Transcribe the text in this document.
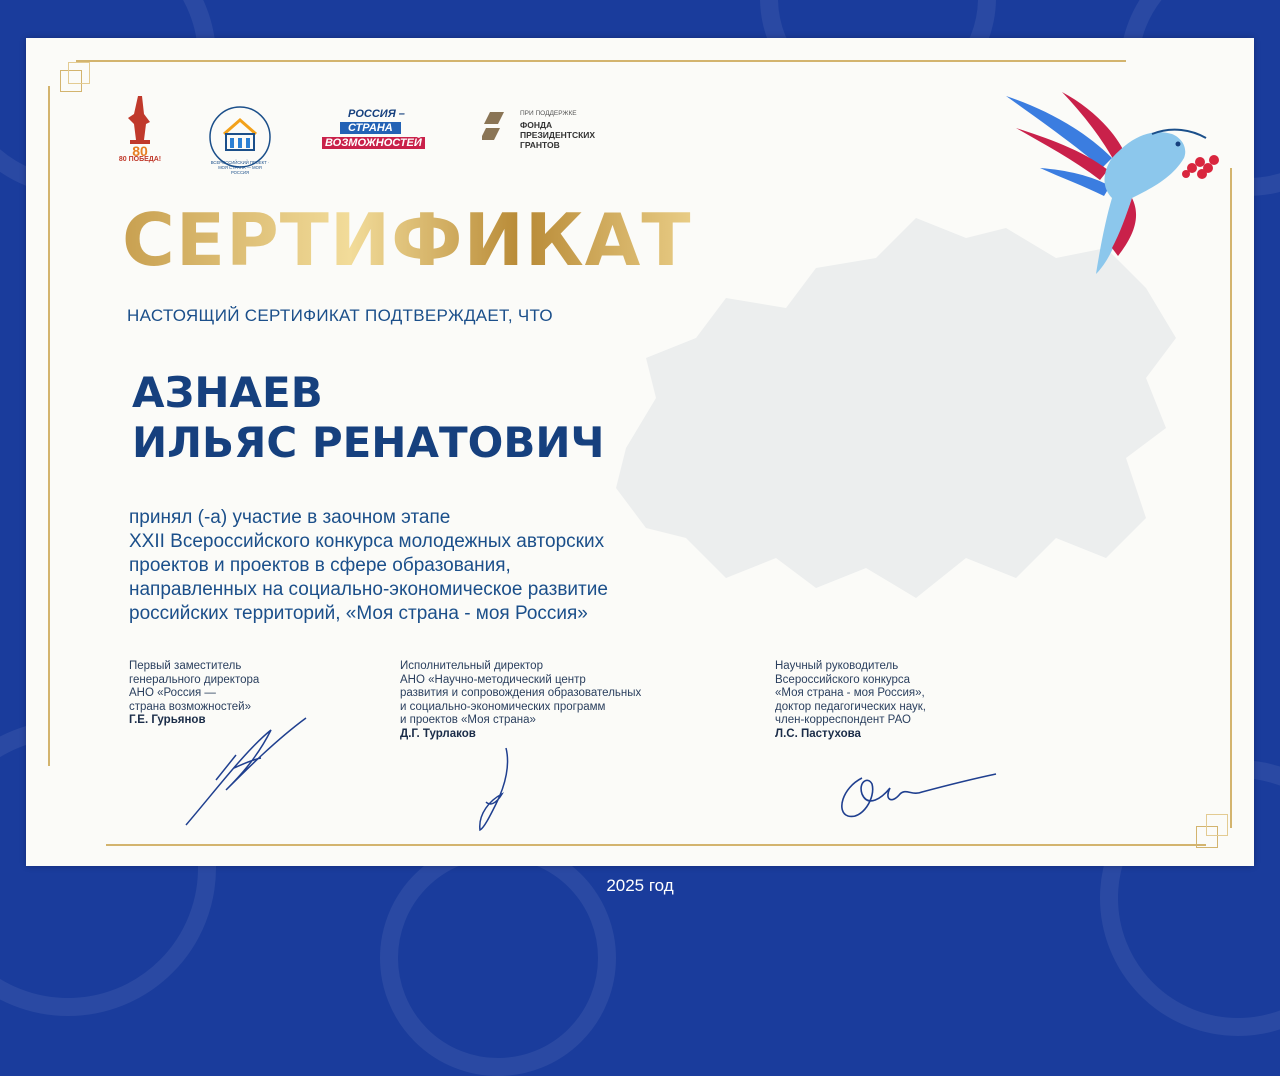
80
80 ПОБЕДА!	ВСЕРОССИЙСКИЙ ПРОЕКТ · МОЯ СТРАНА — МОЯ РОССИЯ
РОССИЯ –
СТРАНА
ВОЗМОЖНОСТЕЙ
ПРИ ПОДДЕРЖКЕ
ФОНДА
ПРЕЗИДЕНТСКИХ
ГРАНТОВ
СЕРТИФИКАТ
НАСТОЯЩИЙ СЕРТИФИКАТ ПОДТВЕРЖДАЕТ, ЧТО
АЗНАЕВ
ИЛЬЯС РЕНАТОВИЧ
принял (-а) участие в заочном этапе
XXII Всероссийского конкурса молодежных авторских
проектов и проектов в сфере образования,
направленных на социально-экономическое развитие
российских территорий, «Моя страна - моя Россия»
Первый заместитель
генерального директора
АНО «Россия —
страна возможностей»
Г.Е. Гурьянов
Исполнительный директор
АНО «Научно-методический центр
развития и сопровождения образовательных
и социально-экономических программ
и проектов «Моя страна»
Д.Г. Турлаков
Научный руководитель
Всероссийского конкурса
«Моя страна - моя Россия»,
доктор педагогических наук,
член-корреспондент РАО
Л.С. Пастухова
2025 год
